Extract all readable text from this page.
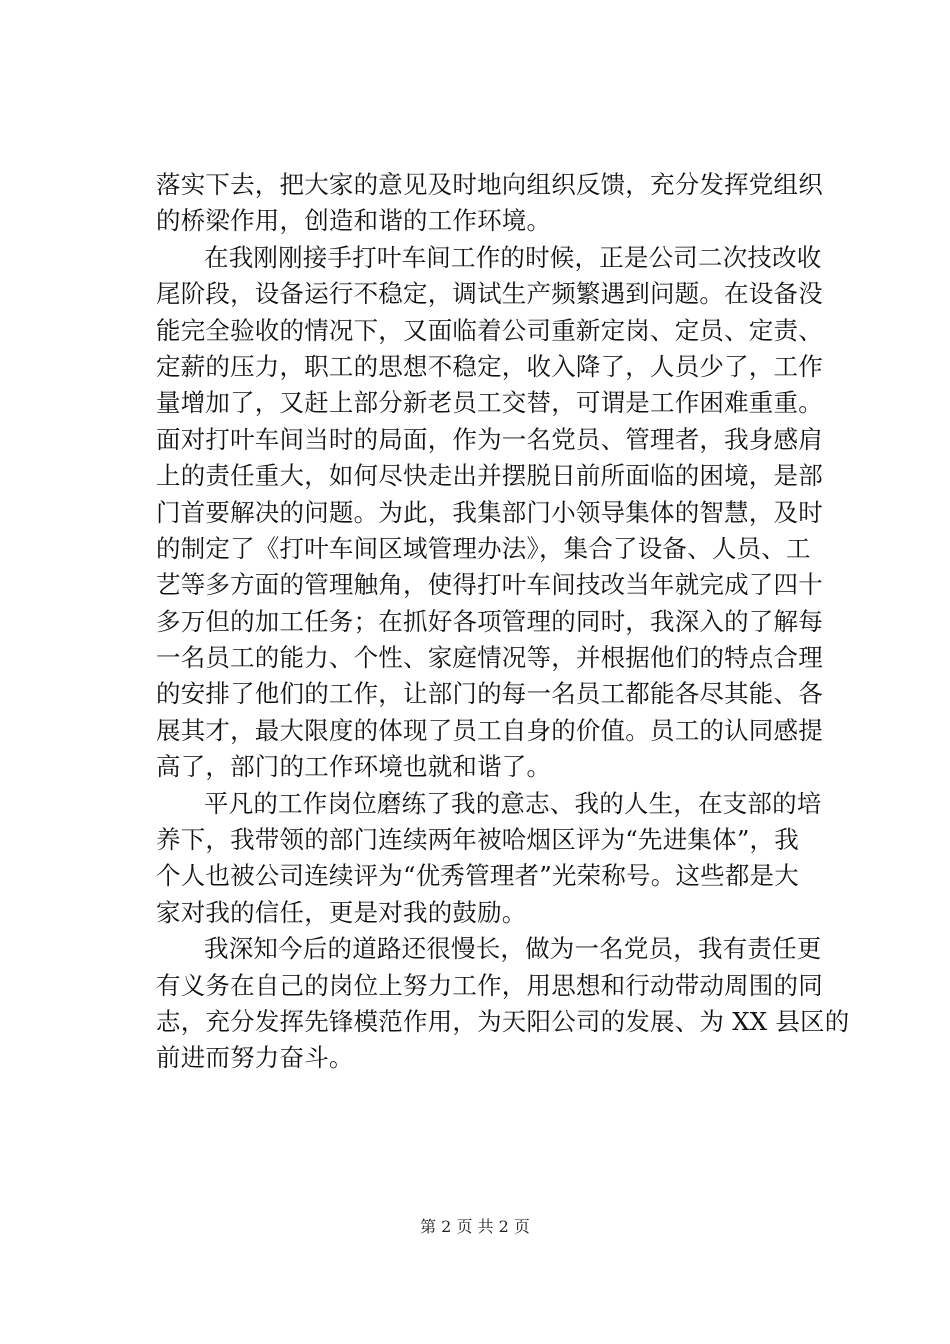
落实下去，把大家的意见及时地向组织反馈，充分发挥党组织
的桥梁作用，创造和谐的工作环境。
在我刚刚接手打叶车间工作的时候，正是公司二次技改收
尾阶段，设备运行不稳定，调试生产频繁遇到问题。在设备没
能完全验收的情况下，又面临着公司重新定岗、定员、定责、
定薪的压力，职工的思想不稳定，收入降了，人员少了，工作
量增加了，又赶上部分新老员工交替，可谓是工作困难重重。
面对打叶车间当时的局面，作为一名党员、管理者，我身感肩
上的责任重大，如何尽快走出并摆脱日前所面临的困境，是部
门首要解决的问题。为此，我集部门小领导集体的智慧，及时
的制定了《打叶车间区域管理办法》，集合了设备、人员、工
艺等多方面的管理触角，使得打叶车间技改当年就完成了四十
多万但的加工任务；在抓好各项管理的同时，我深入的了解每
一名员工的能力、个性、家庭情况等，并根据他们的特点合理
的安排了他们的工作，让部门的每一名员工都能各尽其能、各
展其才，最大限度的体现了员工自身的价值。员工的认同感提
高了，部门的工作环境也就和谐了。
平凡的工作岗位磨练了我的意志、我的人生，在支部的培
养下，我带领的部门连续两年被哈烟区评为“先进集体”，我
个人也被公司连续评为“优秀管理者”光荣称号。这些都是大
家对我的信任，更是对我的鼓励。
我深知今后的道路还很慢长，做为一名党员，我有责任更
有义务在自己的岗位上努力工作，用思想和行动带动周围的同
志，充分发挥先锋模范作用，为天阳公司的发展、为 XX 县区的
前进而努力奋斗。
第 2 页 共 2 页
